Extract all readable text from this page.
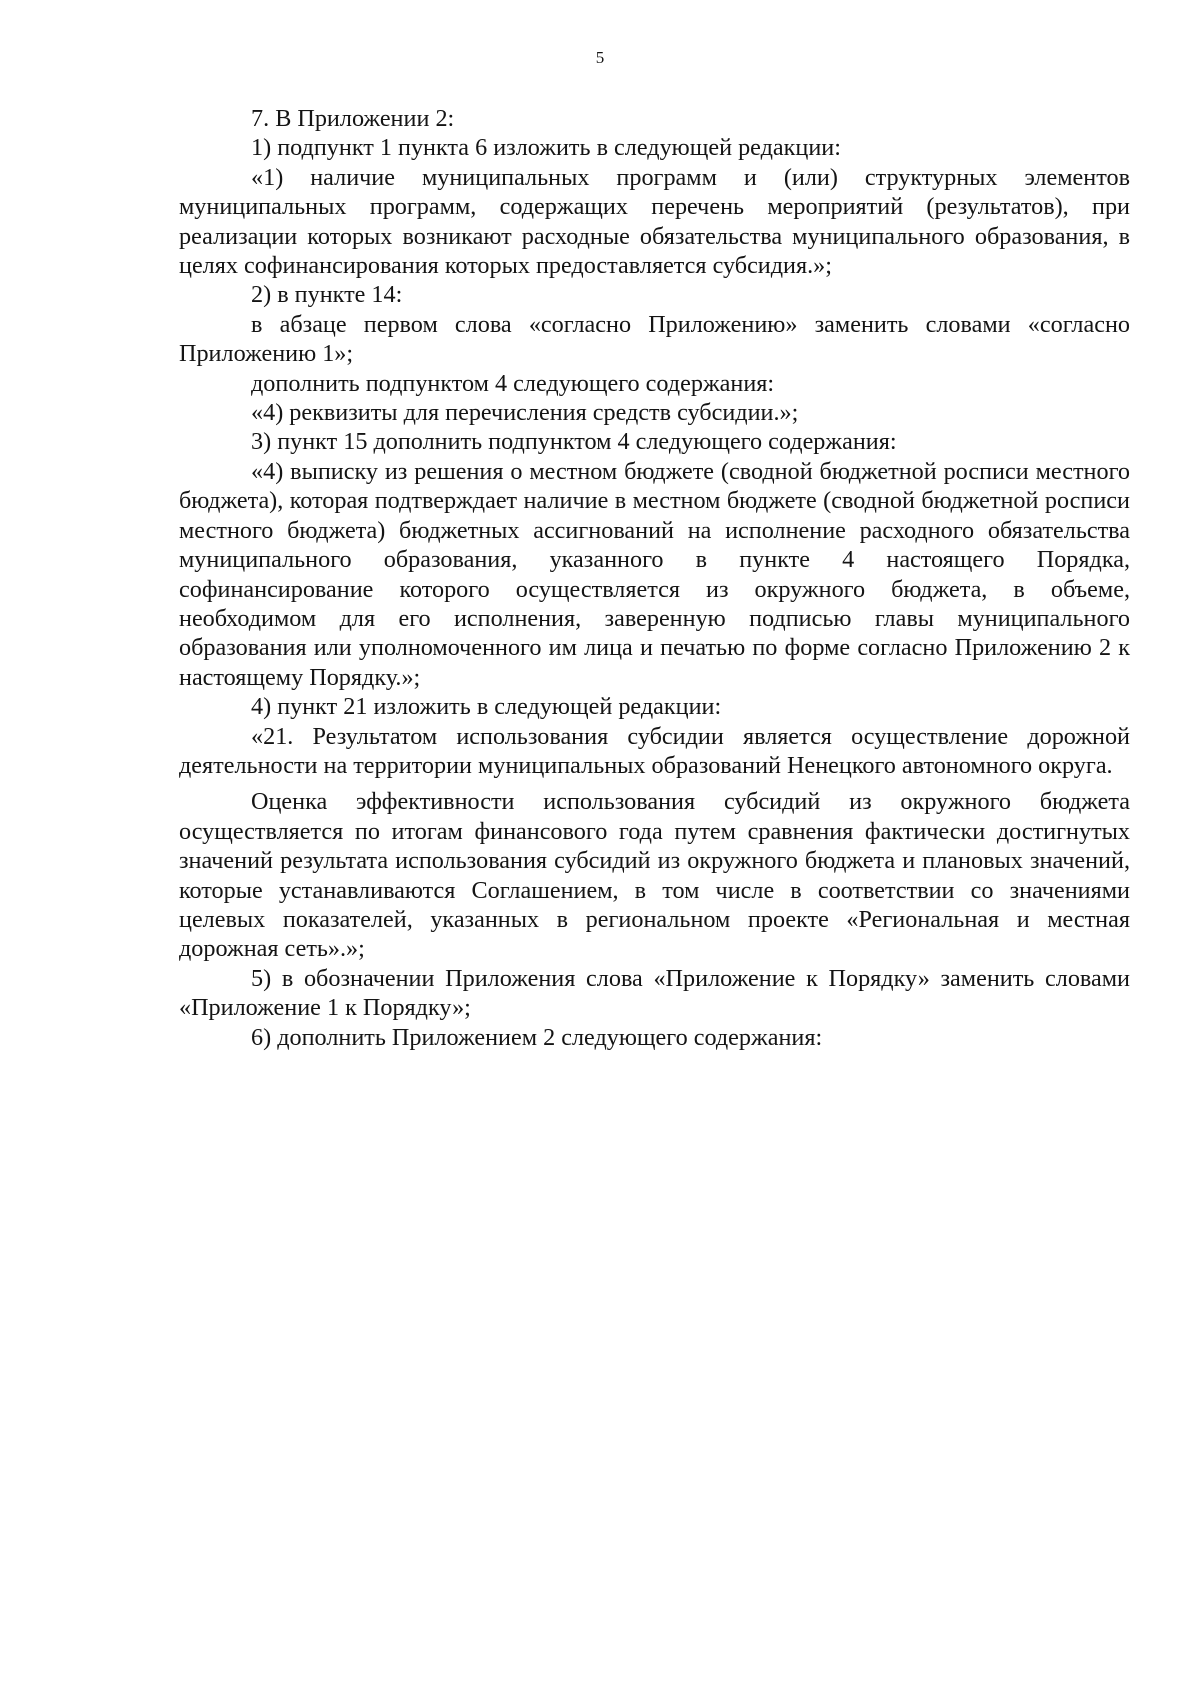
5

7. В Приложении 2:

1) подпункт 1 пункта 6 изложить в следующей редакции:

«1) наличие муниципальных программ и (или) структурных элементов муниципальных программ, содержащих перечень мероприятий (результатов), при реализации которых возникают расходные обязательства муниципального образования, в целях софинансирования которых предоставляется субсидия.»;

2) в пункте 14:

в абзаце первом слова «согласно Приложению» заменить словами «согласно Приложению 1»;

дополнить подпунктом 4 следующего содержания:

«4) реквизиты для перечисления средств субсидии.»;

3) пункт 15 дополнить подпунктом 4 следующего содержания:

«4) выписку из решения о местном бюджете (сводной бюджетной росписи местного бюджета), которая подтверждает наличие в местном бюджете (сводной бюджетной росписи местного бюджета) бюджетных ассигнований на исполнение расходного обязательства муниципального образования, указанного в пункте 4 настоящего Порядка, софинансирование которого осуществляется из окружного бюджета, в объеме, необходимом для его исполнения, заверенную подписью главы муниципального образования или уполномоченного им лица и печатью по форме согласно Приложению 2 к настоящему Порядку.»;

4) пункт 21 изложить в следующей редакции:

«21. Результатом использования субсидии является осуществление дорожной деятельности на территории муниципальных образований Ненецкого автономного округа.

Оценка эффективности использования субсидий из окружного бюджета осуществляется по итогам финансового года путем сравнения фактически достигнутых значений результата использования субсидий из окружного бюджета и плановых значений, которые устанавливаются Соглашением, в том числе в соответствии со значениями целевых показателей, указанных в региональном проекте «Региональная и местная дорожная сеть».»;

5) в обозначении Приложения слова «Приложение к Порядку» заменить словами «Приложение 1 к Порядку»;

6) дополнить Приложением 2 следующего содержания:
